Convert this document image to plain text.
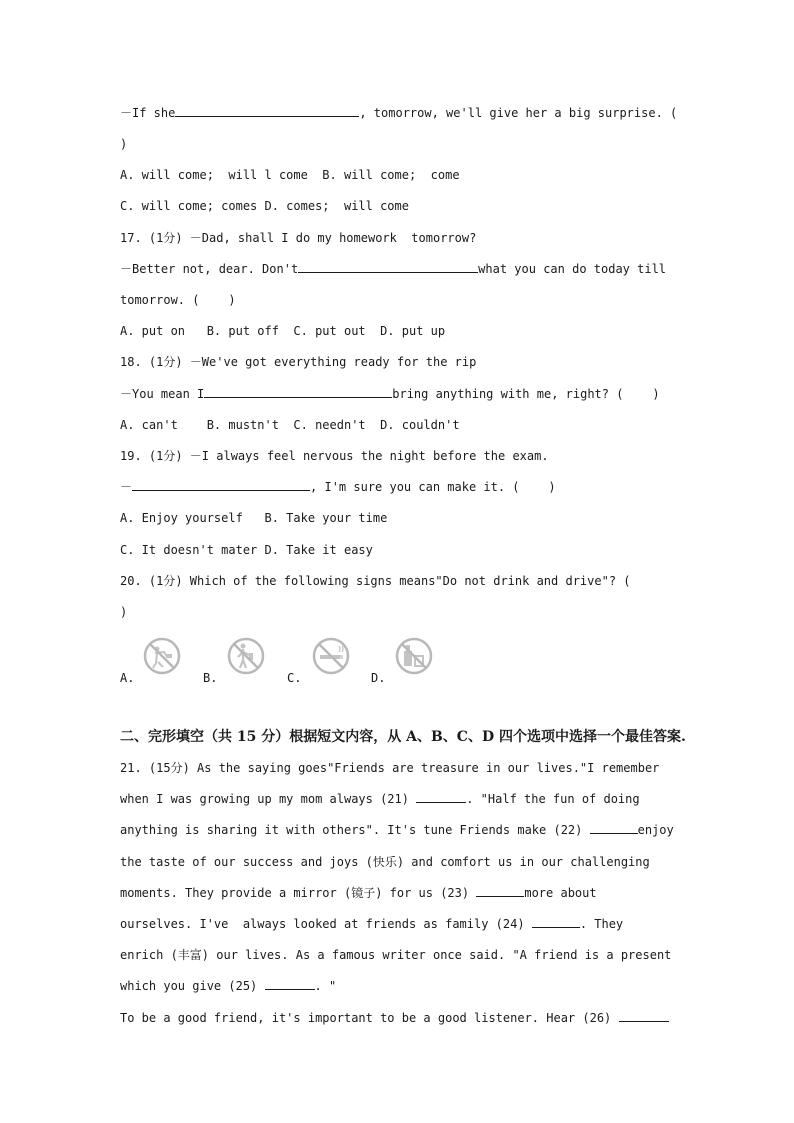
－If she	, tomorrow, we'll give her a big surprise. (
)
A. will come;  will l come  B. will come;  come
C. will come; comes D. comes;  will come
17. (1分) －Dad, shall I do my homework  tomorrow?
－Better not, dear. Don't	what you can do today till
tomorrow. (    )
A. put on   B. put off  C. put out  D. put up
18. (1分) －We've got everything ready for the rip
－You mean I	bring anything with me, right? (    )
A. can't    B. mustn't  C. needn't  D. couldn't
19. (1分) －I always feel nervous the night before the exam.
－	, I'm sure you can make it. (    )
A. Enjoy yourself   B. Take your time
C. It doesn't mater D. Take it easy
20. (1分) Which of the following signs means"Do not drink and drive"? (
)
A.	B.	C.	D.
二、完形填空（共 15 分）根据短文内容，从 A、B、C、D 四个选项中选择一个最佳答案.
21. (15分) As the saying goes"Friends are treasure in our lives."I remember
when I was growing up my mom always (21)	. "Half the fun of doing
anything is sharing it with others". It's tune Friends make (22)	enjoy
the taste of our success and joys (快乐) and comfort us in our challenging
moments. They provide a mirror (镜子) for us (23)	more about
ourselves. I've  always looked at friends as family (24)	. They
enrich (丰富) our lives. As a famous writer once said. "A friend is a present
which you give (25)	. "
To be a good friend, it's important to be a good listener. Hear (26)
